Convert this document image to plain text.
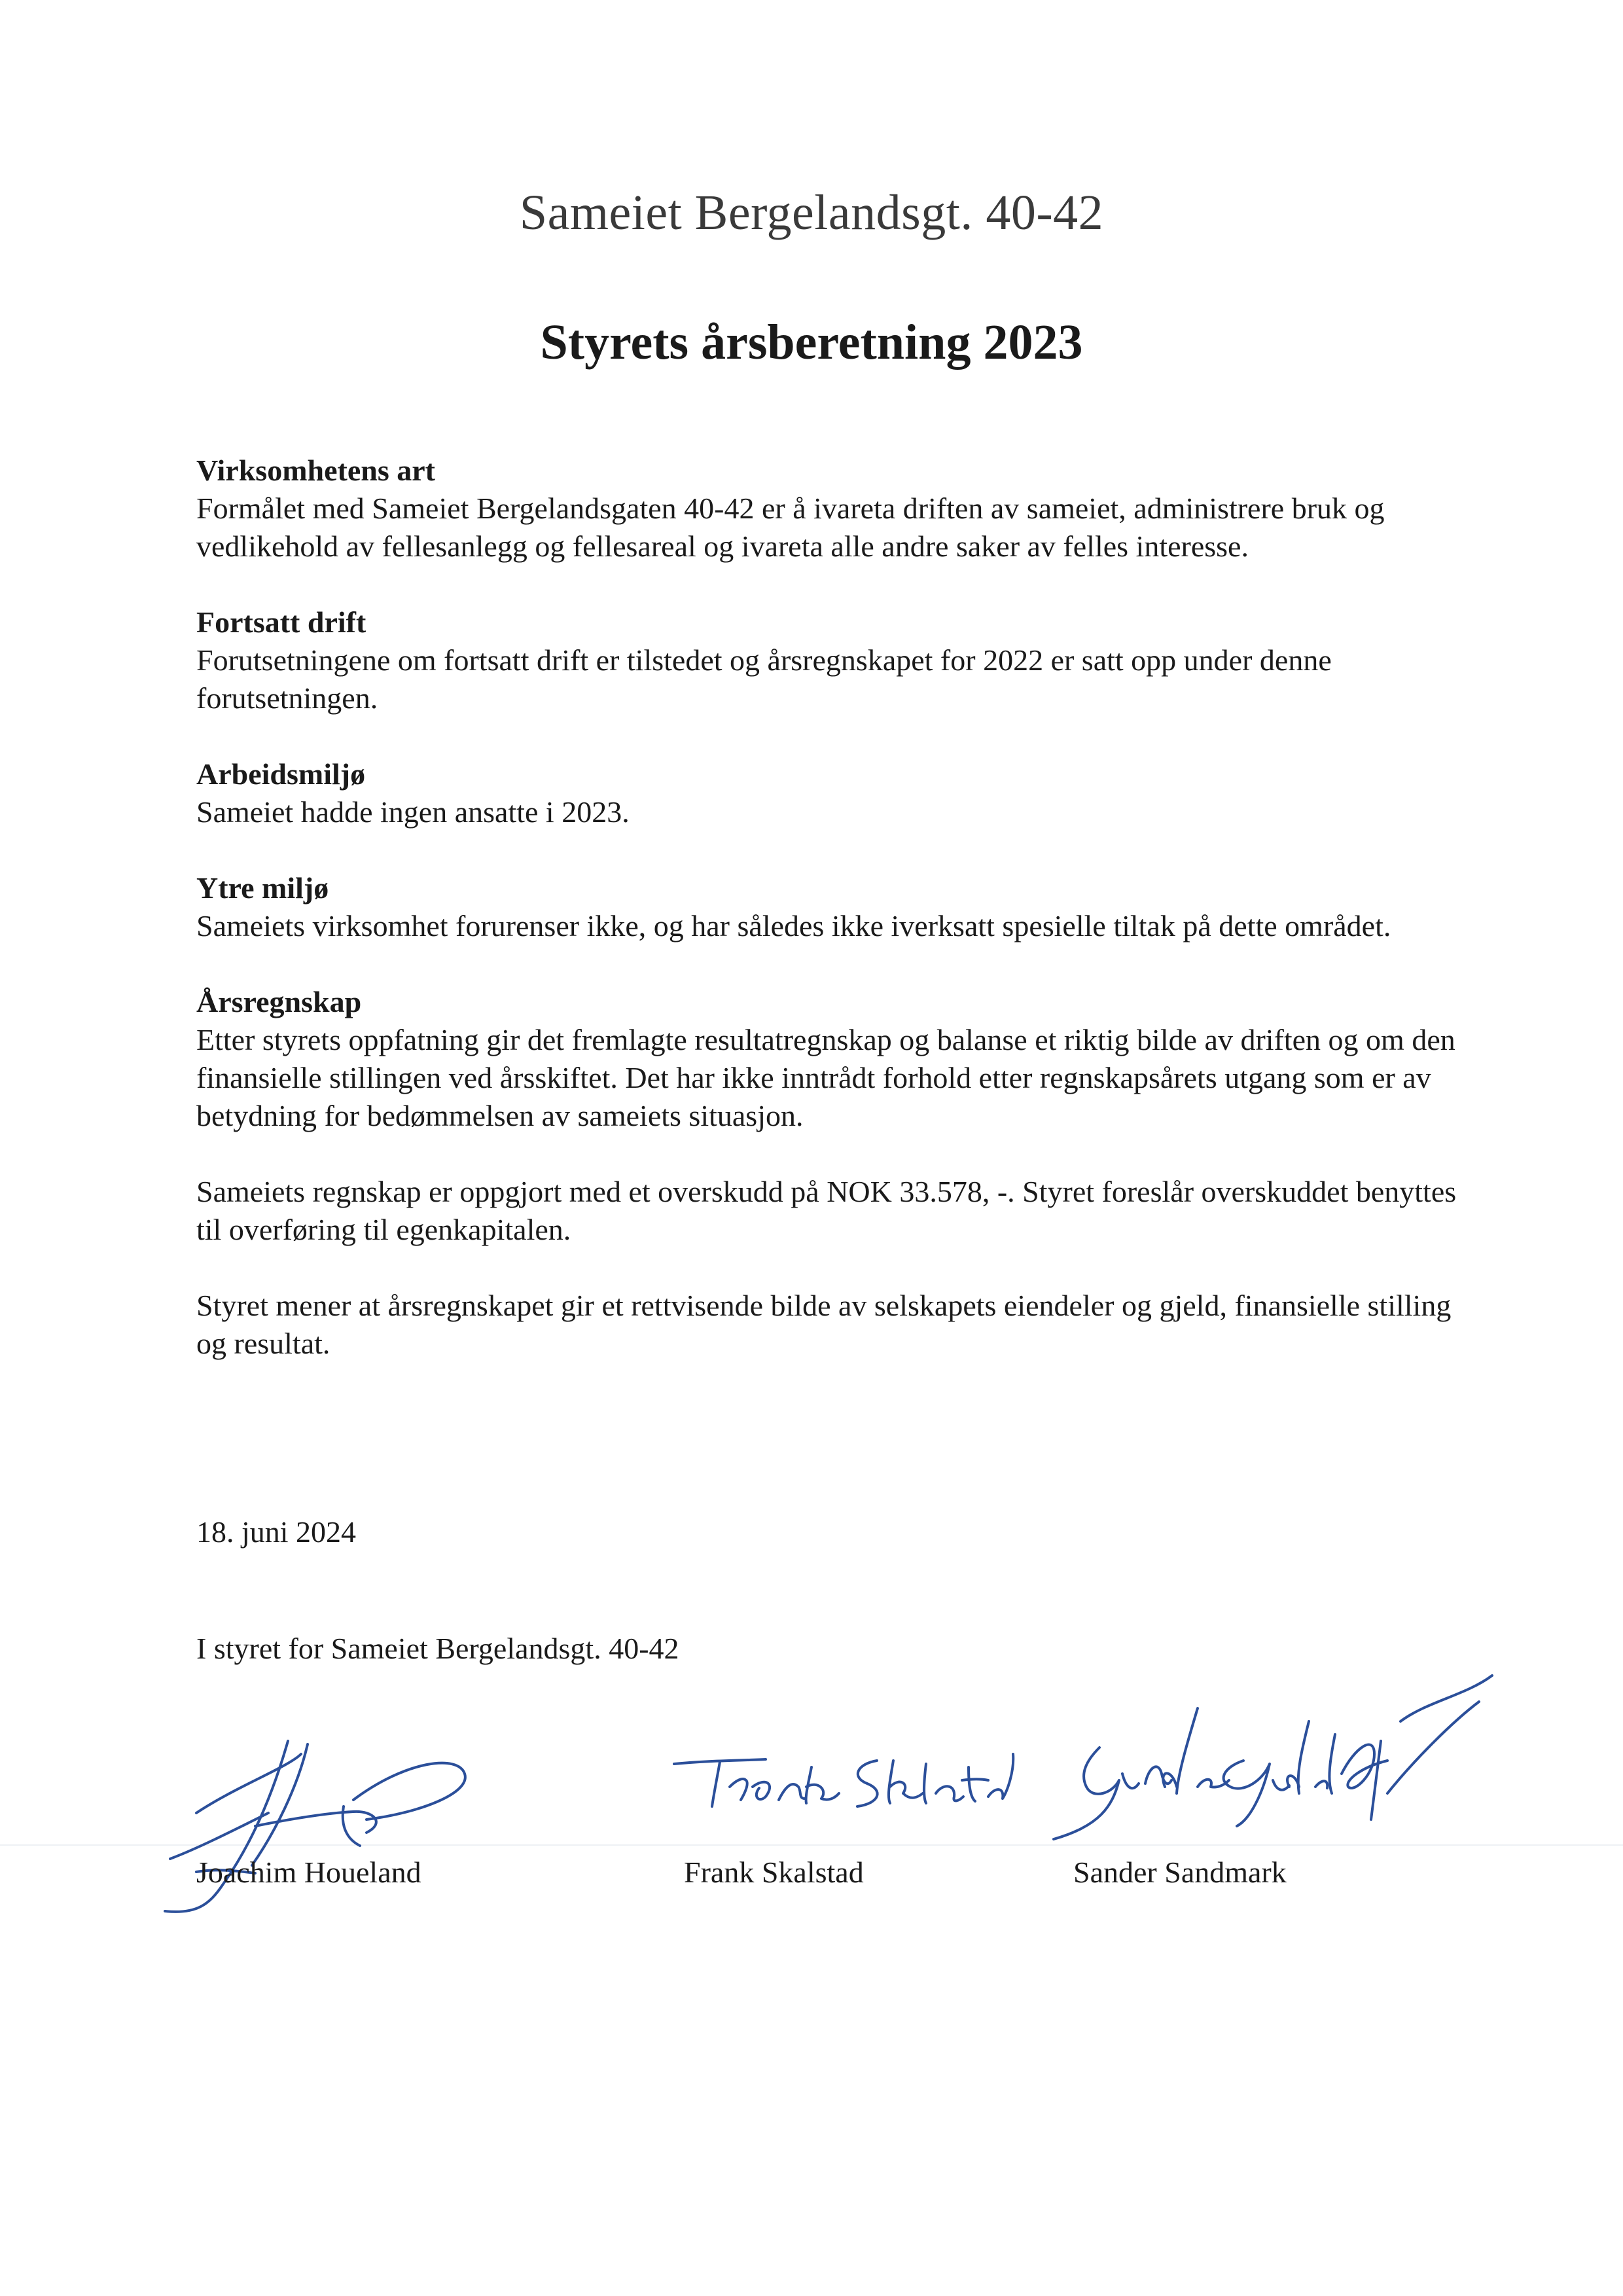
Sameiet Bergelandsgt. 40-42
Styrets årsberetning 2023

Virksomhetens art

Formålet med Sameiet Bergelandsgaten 40-42 er å ivareta driften av sameiet, administrere bruk og vedlikehold av fellesanlegg og fellesareal og ivareta alle andre saker av felles interesse.

Fortsatt drift

Forutsetningene om fortsatt drift er tilstedet og årsregnskapet for 2022 er satt opp under denne forutsetningen.

Arbeidsmiljø

Sameiet hadde ingen ansatte i 2023.

Ytre miljø

Sameiets virksomhet forurenser ikke, og har således ikke iverksatt spesielle tiltak på dette området.

Årsregnskap

Etter styrets oppfatning gir det fremlagte resultatregnskap og balanse et riktig bilde av driften og om den finansielle stillingen ved årsskiftet. Det har ikke inntrådt forhold etter regnskapsårets utgang som er av betydning for bedømmelsen av sameiets situasjon.

Sameiets regnskap er oppgjort med et overskudd på NOK 33.578, -. Styret foreslår overskuddet benyttes til overføring til egenkapitalen.

Styret mener at årsregnskapet gir et rettvisende bilde av selskapets eiendeler og gjeld, finansielle stilling og resultat.

18. juni 2024
I styret for Sameiet Bergelandsgt. 40-42
Joachim Houeland	Frank Skalstad	Sander Sandmark
